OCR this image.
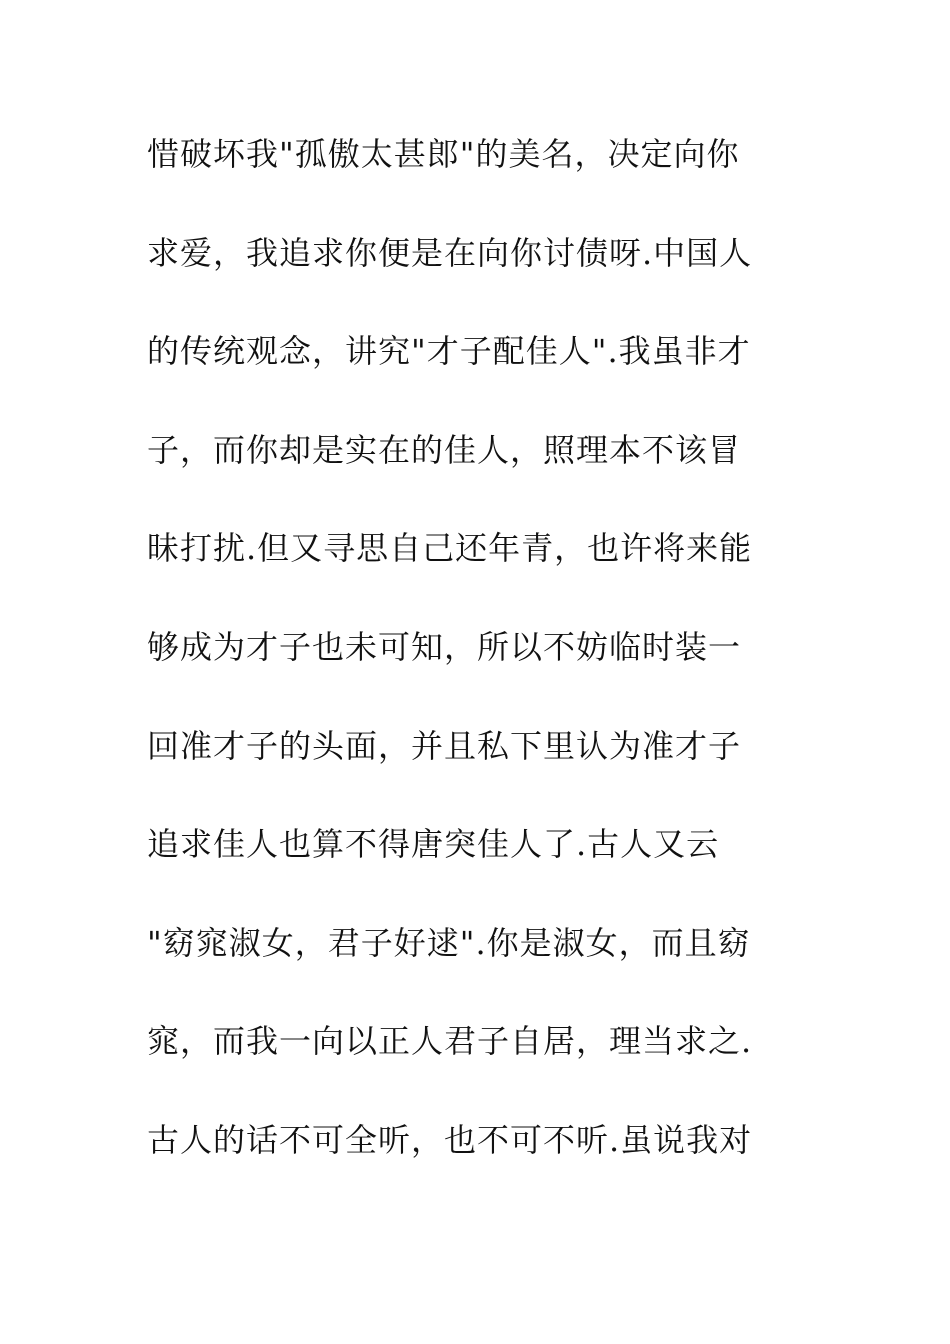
惜破坏我"孤傲太甚郎"的美名，决定向你
求爱，我追求你便是在向你讨债呀.中国人
的传统观念，讲究"才子配佳人".我虽非才
子，而你却是实在的佳人，照理本不该冒
昧打扰.但又寻思自己还年青，也许将来能
够成为才子也未可知，所以不妨临时装一
回准才子的头面，并且私下里认为准才子
追求佳人也算不得唐突佳人了.古人又云
"窈窕淑女，君子好逑".你是淑女，而且窈
窕，而我一向以正人君子自居，理当求之.
古人的话不可全听，也不可不听.虽说我对
